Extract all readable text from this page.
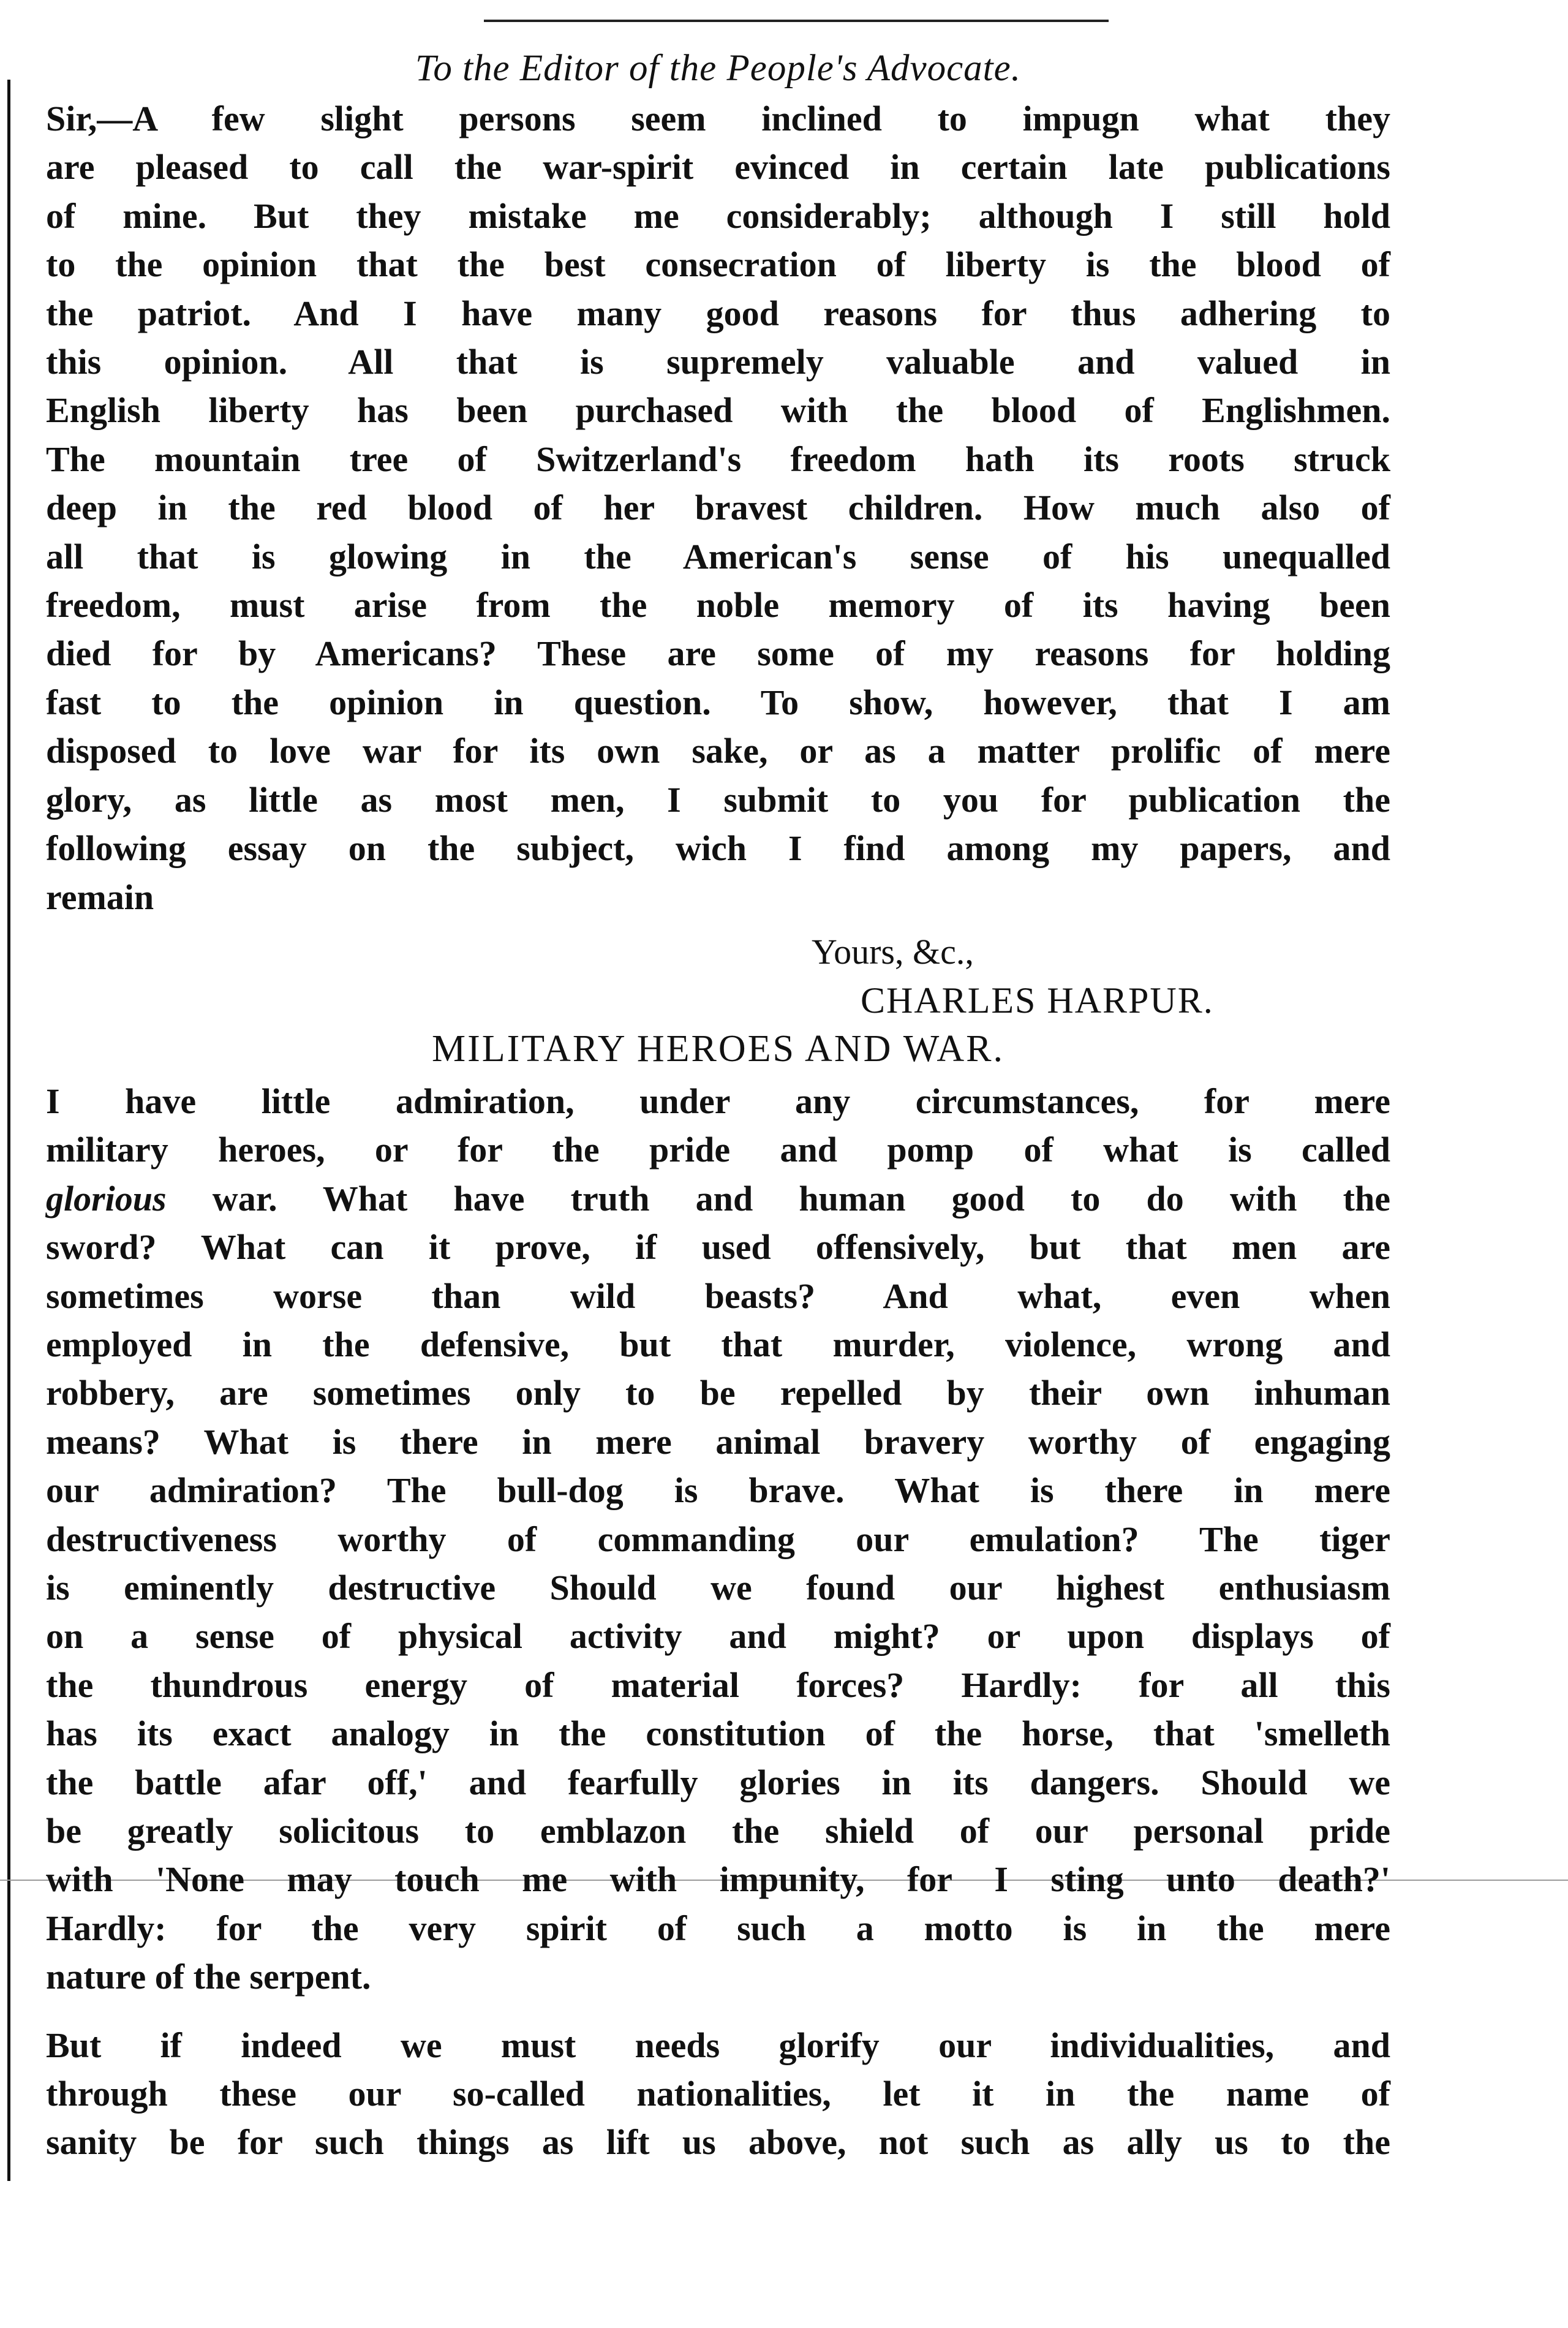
To the Editor of the People's Advocate.

Sir,—A few slight persons seem inclined to impugn what they
are pleased to call the war-spirit evinced in certain late publications
of mine. But they mistake me considerably; although I still hold
to the opinion that the best consecration of liberty is the blood of
the patriot. And I have many good reasons for thus adhering to
this opinion. All that is supremely valuable and valued in
English liberty has been purchased with the blood of Englishmen.
The mountain tree of Switzerland's freedom hath its roots struck
deep in the red blood of her bravest children. How much also of
all that is glowing in the American's sense of his unequalled
freedom, must arise from the noble memory of its having been
died for by Americans? These are some of my reasons for holding
fast to the opinion in question. To show, however, that I am
disposed to love war for its own sake, or as a matter prolific of mere
glory, as little as most men, I submit to you for publication the
following essay on the subject, wich I find among my papers, and
remain

Yours, &c.,

CHARLES HARPUR.

MILITARY HEROES AND WAR.

I have little admiration, under any circumstances, for mere
military heroes, or for the pride and pomp of what is called
glorious war. What have truth and human good to do with the
sword? What can it prove, if used offensively, but that men are
sometimes worse than wild beasts? And what, even when
employed in the defensive, but that murder, violence, wrong and
robbery, are sometimes only to be repelled by their own inhuman
means? What is there in mere animal bravery worthy of engaging
our admiration? The bull-dog is brave. What is there in mere
destructiveness worthy of commanding our emulation? The tiger
is eminently destructive Should we found our highest enthusiasm
on a sense of physical activity and might? or upon displays of
the thundrous energy of material forces? Hardly: for all this
has its exact analogy in the constitution of the horse, that 'smelleth
the battle afar off,' and fearfully glories in its dangers. Should we
be greatly solicitous to emblazon the shield of our personal pride
with 'None may touch me with impunity, for I sting unto death?'
Hardly: for the very spirit of such a motto is in the mere
nature of the serpent.

But if indeed we must needs glorify our individualities, and
through these our so-called nationalities, let it in the name of
sanity be for such things as lift us above, not such as ally us to the
